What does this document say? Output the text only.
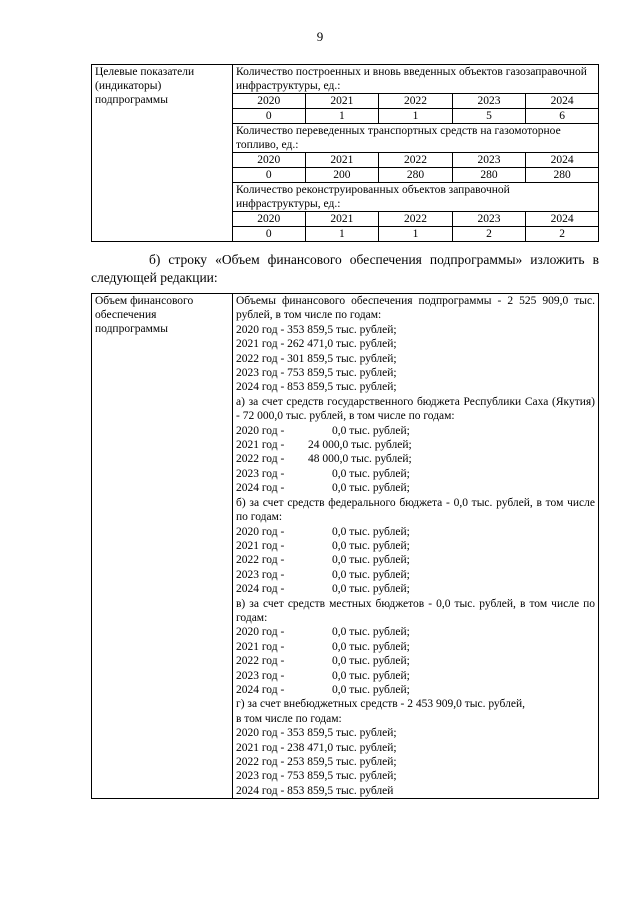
9
Целевые показатели
(индикаторы)
подпрограммы

Количество построенных и вновь введенных объектов газозаправочной инфраструктуры, ед.:
2020	2021	2022	2023	2024
0	1	1	5	6
Количество переведенных транспортных средств на газомоторное топливо, ед.:
2020	2021	2022	2023	2024
0	200	280	280	280
Количество реконструированных объектов заправочной инфраструктуры, ед.:
2020	2021	2022	2023	2024
0	1	1	2	2
б) строку «Объем финансового обеспечения подпрограммы» изложить в следующей редакции:
Объем финансового
обеспечения
подпрограммы

Объемы финансового обеспечения подпрограммы - 2 525 909,0 тыс. рублей, в том числе по годам:
2020 год - 353 859,5 тыс. рублей;
2021 год - 262 471,0 тыс. рублей;
2022 год - 301 859,5 тыс. рублей;
2023 год - 753 859,5 тыс. рублей;
2024 год - 853 859,5 тыс. рублей;
а) за счет средств государственного бюджета Республики Саха (Якутия) - 72 000,0 тыс. рублей, в том числе по годам:
2020 год -	0,0 тыс. рублей;
2021 год - 24 000,0 тыс. рублей;
2022 год - 48 000,0 тыс. рублей;
2023 год -	0,0 тыс. рублей;
2024 год -	0,0 тыс. рублей;
б) за счет средств федерального бюджета - 0,0 тыс. рублей, в том числе по годам:
2020 год -	0,0 тыс. рублей;
2021 год -	0,0 тыс. рублей;
2022 год -	0,0 тыс. рублей;
2023 год -	0,0 тыс. рублей;
2024 год -	0,0 тыс. рублей;
в) за счет средств местных бюджетов - 0,0 тыс. рублей, в том числе по годам:
2020 год -	0,0 тыс. рублей;
2021 год -	0,0 тыс. рублей;
2022 год -	0,0 тыс. рублей;
2023 год -	0,0 тыс. рублей;
2024 год -	0,0 тыс. рублей;
г) за счет внебюджетных средств - 2 453 909,0 тыс. рублей,
в том числе по годам:
2020 год - 353 859,5 тыс. рублей;
2021 год - 238 471,0 тыс. рублей;
2022 год - 253 859,5 тыс. рублей;
2023 год - 753 859,5 тыс. рублей;
2024 год - 853 859,5 тыс. рублей
